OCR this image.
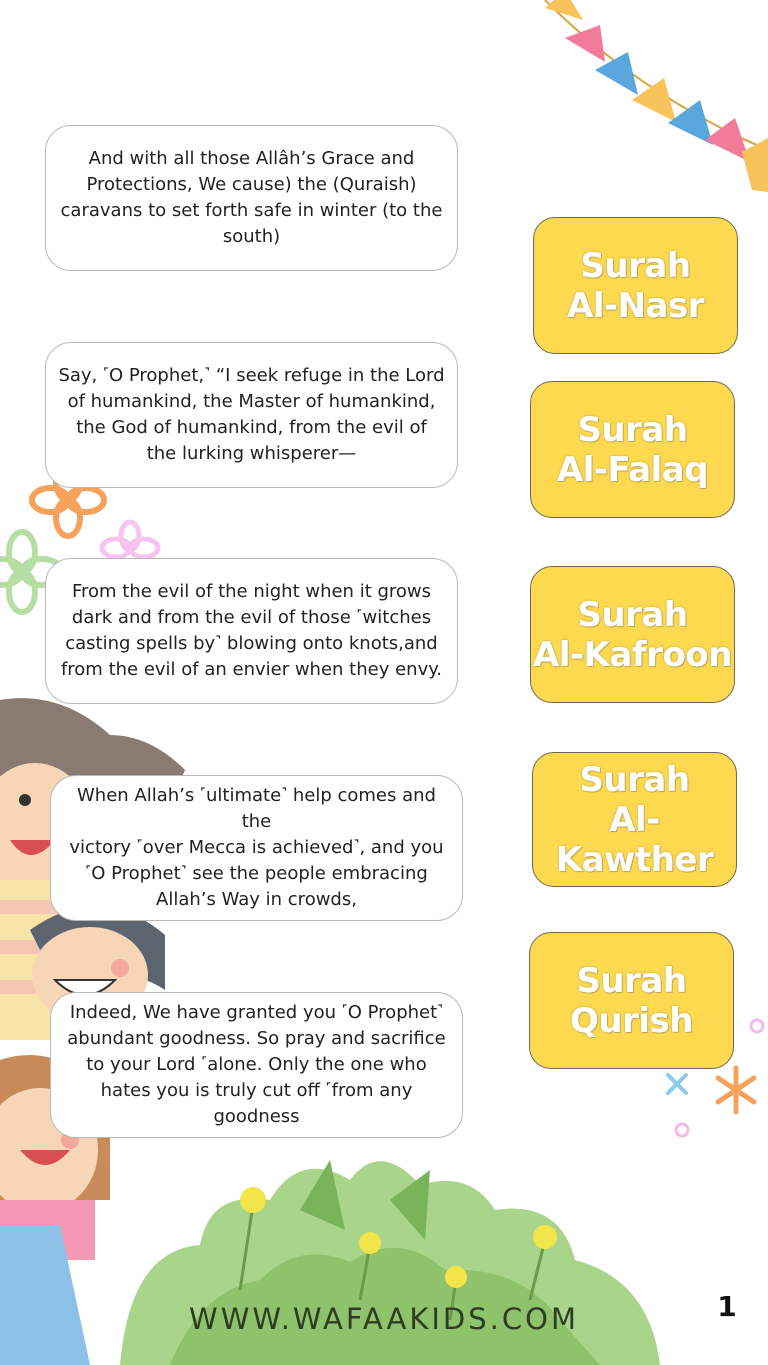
And with all those Allâh’s Grace and
Protections, We cause) the (Quraish)
caravans to set forth safe in winter (to the
south)
Say, ˹O Prophet,˺ “I seek refuge in the Lord
of humankind, the Master of humankind,
the God of humankind, from the evil of
the lurking whisperer—
From the evil of the night when it grows
dark and from the evil of those ˹witches
casting spells by˺ blowing onto knots,and
from the evil of an envier when they envy.
When Allah’s ˹ultimate˺ help comes and the
victory ˹over Mecca is achieved˺, and you
˹O Prophet˺ see the people embracing
Allah’s Way in crowds,
Indeed, We have granted you ˹O Prophet˺
abundant goodness. So pray and sacrifice
to your Lord ˹alone. Only the one who
hates you is truly cut off ˹from any
goodness
Surah
Al-Nasr
Surah
Al-Falaq
Surah
Al-Kafroon
Surah
Al-Kawther
Surah
Qurish
WWW.WAFAAKIDS.COM	1
